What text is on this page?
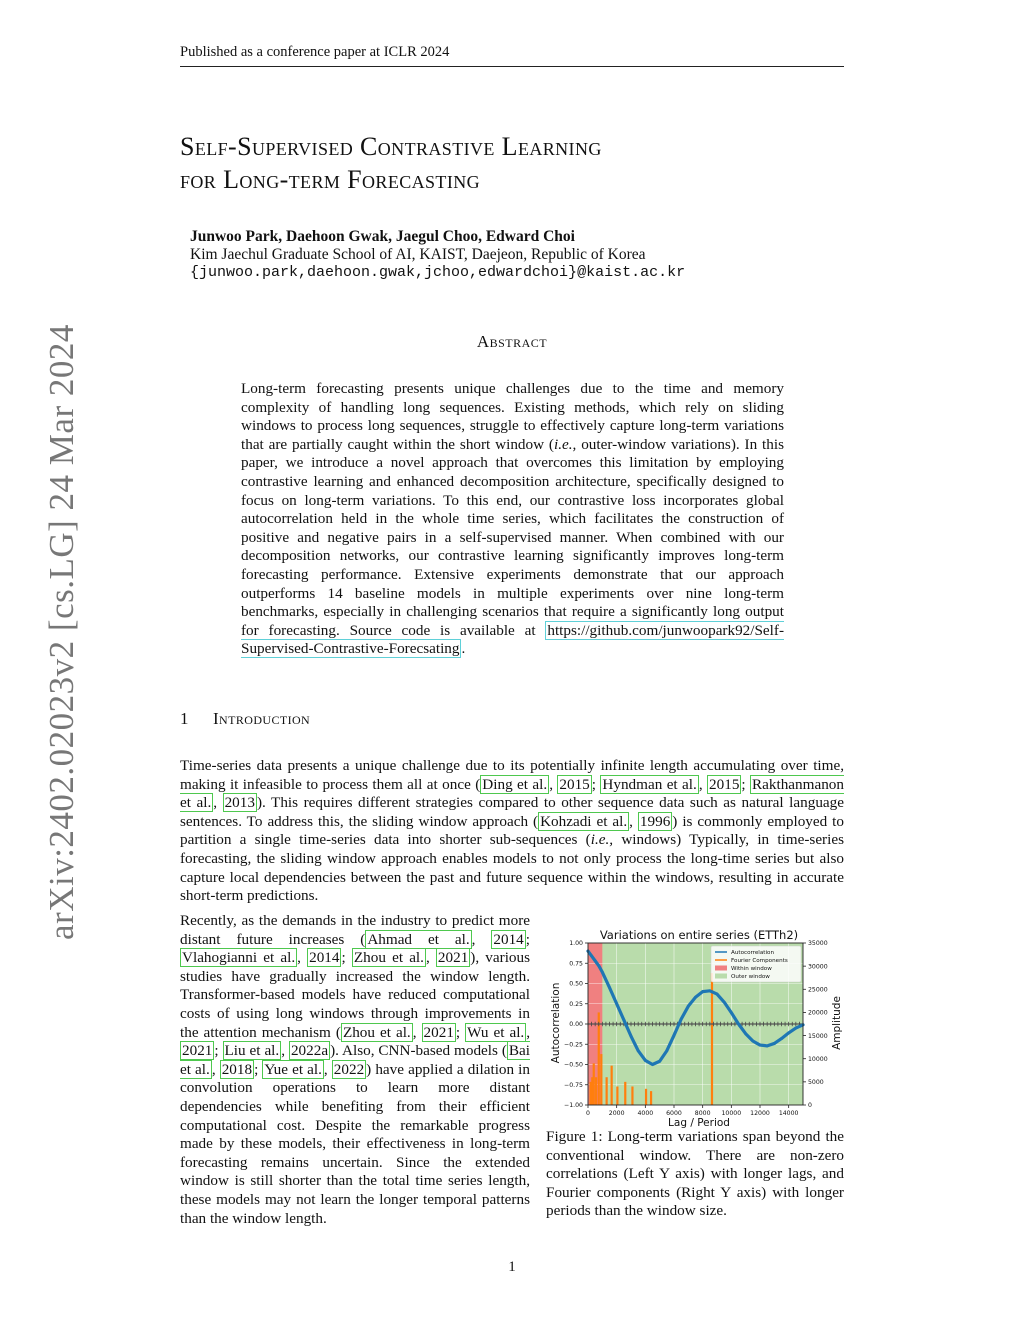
Published as a conference paper at ICLR 2024
Self-Supervised Contrastive Learning
for Long-term Forecasting
Junwoo Park, Daehoon Gwak, Jaegul Choo, Edward Choi
Kim Jaechul Graduate School of AI, KAIST, Daejeon, Republic of Korea
{junwoo.park,daehoon.gwak,jchoo,edwardchoi}@kaist.ac.kr
arXiv:2402.02023v2 [cs.LG] 24 Mar 2024	Abstract
Long-term forecasting presents unique challenges due to the time and memory complexity of handling long sequences. Existing methods, which rely on sliding windows to process long sequences, struggle to effectively capture long-term variations that are partially caught within the short window (i.e., outer-window variations). In this paper, we introduce a novel approach that overcomes this limitation by employing contrastive learning and enhanced decomposition architecture, specifically designed to focus on long-term variations. To this end, our contrastive loss incorporates global autocorrelation held in the whole time series, which facilitates the construction of positive and negative pairs in a self-supervised manner. When combined with our decomposition networks, our contrastive learning significantly improves long-term forecasting performance. Extensive experiments demonstrate that our approach outperforms 14 baseline models in multiple experiments over nine long-term benchmarks, especially in challenging scenarios that require a significantly long output for forecasting. Source code is available at https://github.com/junwoopark92/Self-Supervised-Contrastive-Forecsating .
1 Introduction
Time-series data presents a unique challenge due to its potentially infinite length accumulating over time, making it infeasible to process them all at once ( Ding et al. , 2015 ; Hyndman et al. , 2015 ; Rakthanmanon et al. , 2013 ). This requires different strategies compared to other sequence data such as natural language sentences. To address this, the sliding window approach ( Kohzadi et al. , 1996 ) is commonly employed to partition a single time-series data into shorter sub-sequences (i.e., windows) Typically, in time-series forecasting, the sliding window approach enables models to not only process the long-time series but also capture local dependencies between the past and future sequence within the windows, resulting in accurate short-term predictions.
Recently, as the demands in the industry to predict more distant future increases ( Ahmad et al. , 2014 ; Vlahogianni et al. , 2014 ; Zhou et al. , 2021 ), various studies have gradually increased the window length. Transformer-based models have reduced computational costs of using long windows through improvements in the attention mechanism ( Zhou et al. , 2021 ; Wu et al. , 2021 ; Liu et al. , 2022a ). Also, CNN-based models ( Bai et al. , 2018 ; Yue et al. , 2022 ) have applied a dilation in convolution operations to learn more distant dependencies while benefiting from their efficient computational cost. Despite the remarkable progress made by these models, their effectiveness in long-term forecasting remains uncertain. Since the extended window is still shorter than the total time series length, these models may not learn the longer temporal patterns than the window length.
0	2000 4000 6000 8000 10000 12000 14000
1.00
0.75
0.50
0.25
0.00
−0.25
−0.50
−0.75
−1.00
35000
30000
25000
20000
15000
10000
5000
0
Autocorrelation
Fourier Components
Within window
Outer window
Variations on entire series (ETTh2)
Lag / Period
Autocorrelation	Amplitude
Figure 1: Long-term variations span beyond the conventional window. There are non-zero correlations (Left Y axis) with longer lags, and Fourier components (Right Y axis) with longer periods than the window size.
1
